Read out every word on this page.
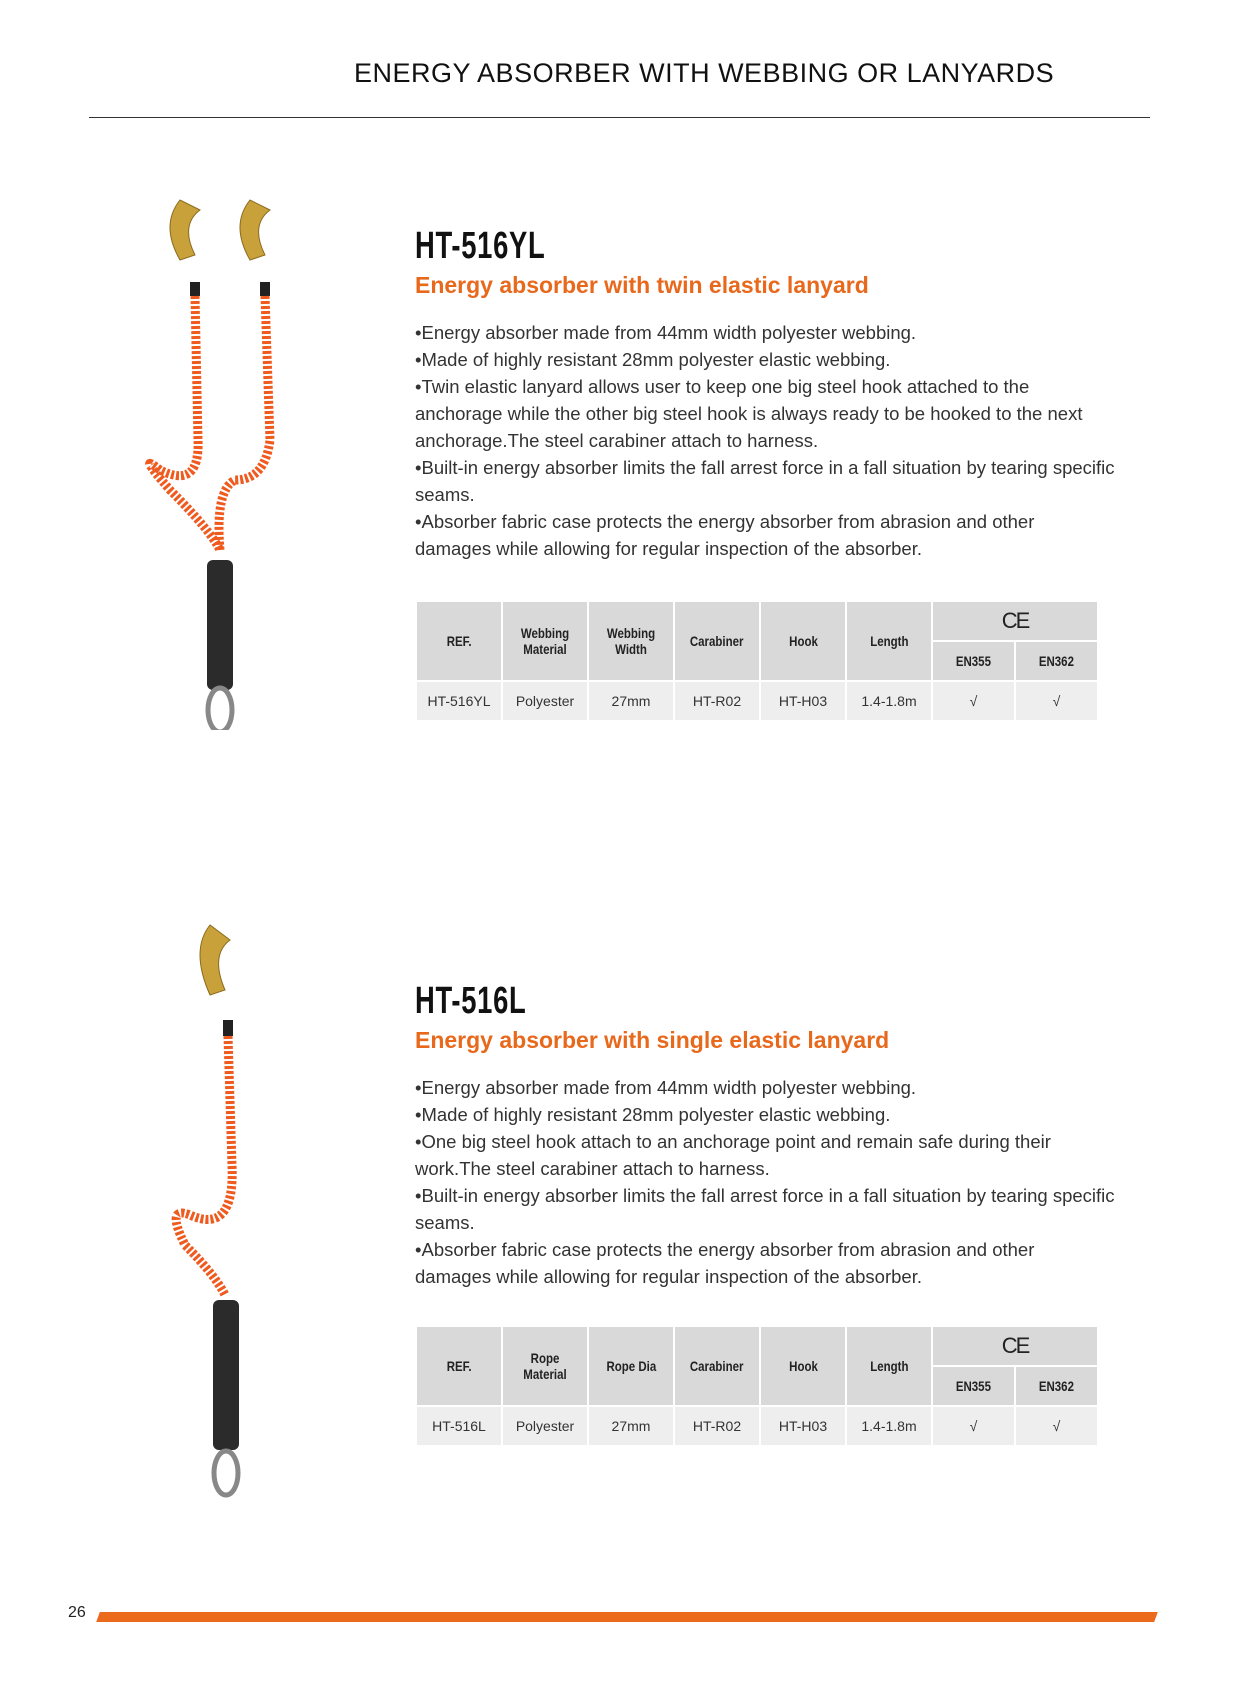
ENERGY ABSORBER WITH WEBBING OR LANYARDS
HT-516YL
Energy absorber with twin elastic lanyard

•Energy absorber made from 44mm width polyester webbing.

•Made of highly resistant 28mm polyester elastic webbing.

•Twin elastic lanyard allows user to keep one big steel hook attached to the anchorage while the other big steel hook is always ready to be hooked to the next anchorage.The steel carabiner attach to harness.

•Built-in energy absorber limits the fall arrest force in a fall situation by tearing specific seams.

•Absorber fabric case protects the energy absorber from abrasion and other damages while allowing for regular inspection of the absorber.

REF.	Webbing Material	Webbing Width	Carabiner	Hook	Length	CE	
						EN355	EN362
HT-516YL	Polyester	27mm	HT-R02	HT-H03	1.4-1.8m	√	√
HT-516L
Energy absorber with single elastic lanyard

•Energy absorber made from 44mm width polyester webbing.

•Made of highly resistant 28mm polyester elastic webbing.

•One big steel hook attach to an anchorage point and remain safe during their work.The steel carabiner attach to harness.

•Built-in energy absorber limits the fall arrest force in a fall situation by tearing specific seams.

•Absorber fabric case protects the energy absorber from abrasion and other damages while allowing for regular inspection of the absorber.

REF.	Rope Material	Rope Dia	Carabiner	Hook	Length	CE	
						EN355	EN362
HT-516L	Polyester	27mm	HT-R02	HT-H03	1.4-1.8m	√	√
26
